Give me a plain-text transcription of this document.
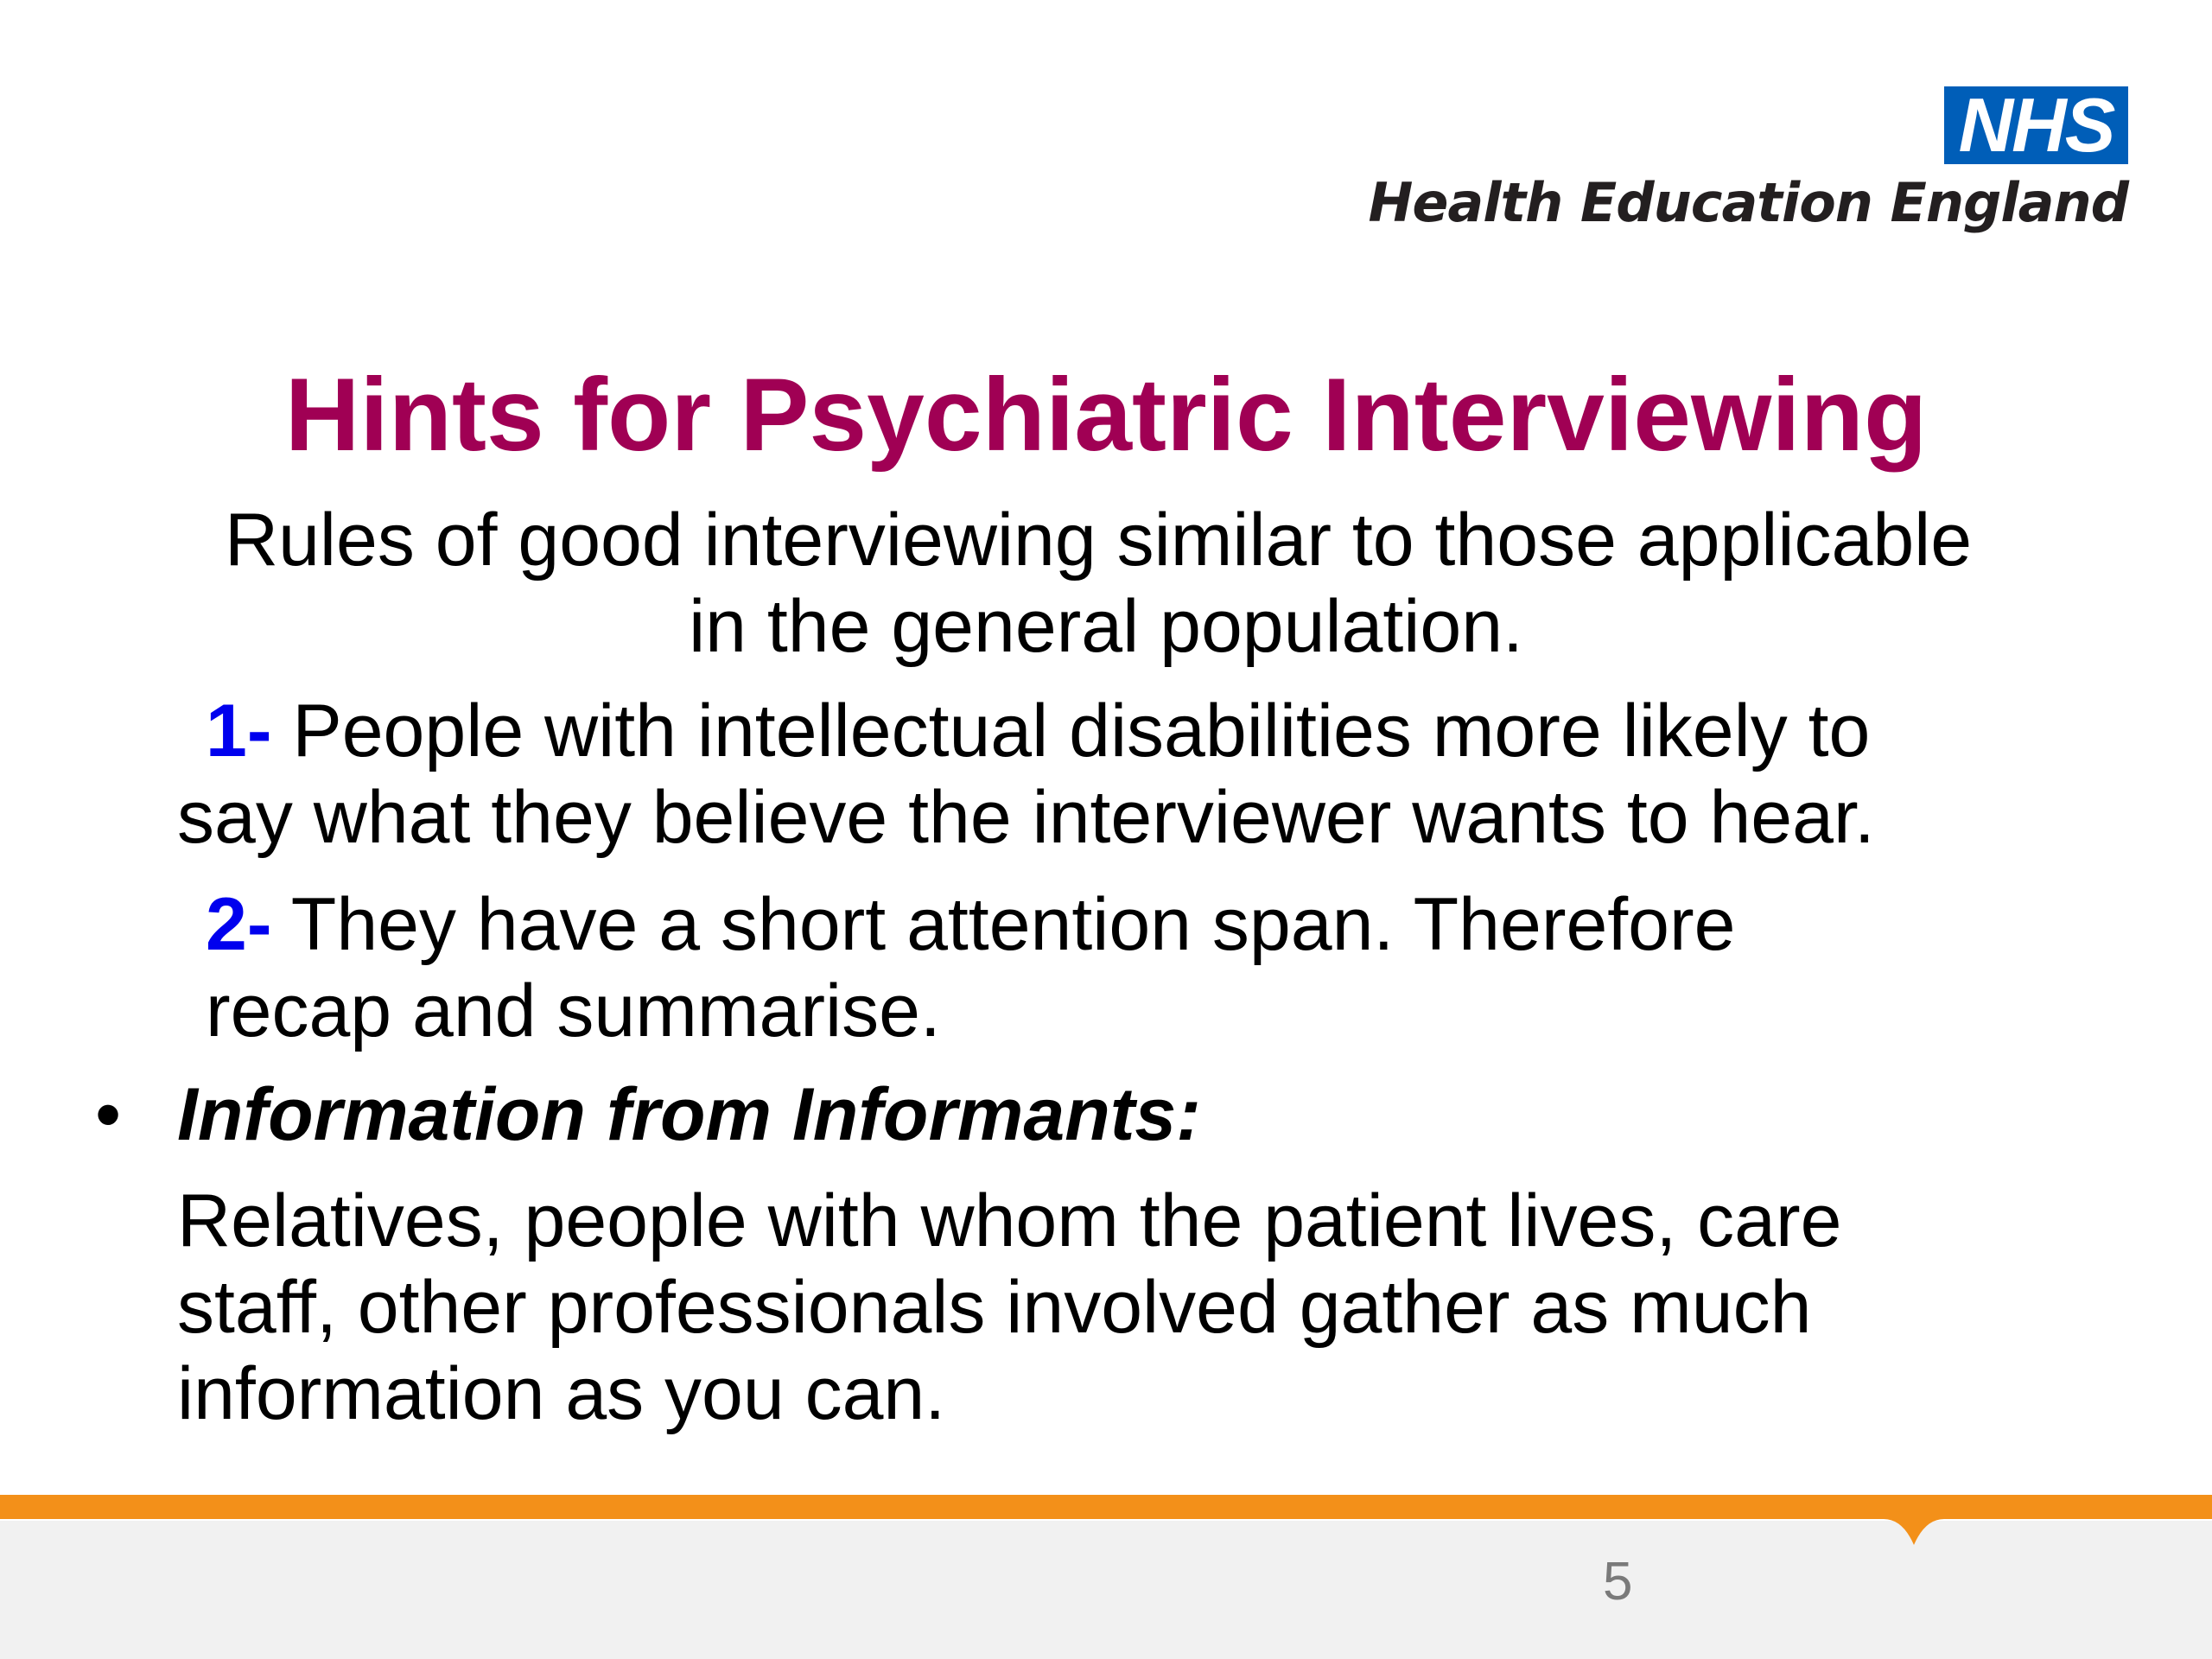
NHS
Health Education England
Hints for Psychiatric Interviewing

Rules of good interviewing similar to those applicable
in the general population.

1- People with intellectual disabilities more likely to
say what they believe the interviewer wants to hear.

2- They have a short attention span. Therefore
recap and summarise.

• Information from Informants:

Relatives, people with whom the patient lives, care
staff, other professionals involved gather as much
information as you can.

5
